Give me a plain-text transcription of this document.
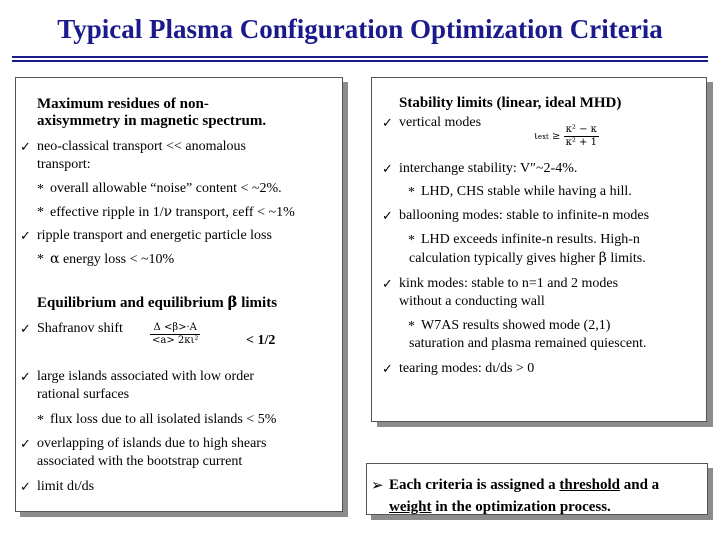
Typical Plasma Configuration Optimization Criteria
Maximum residues of non-
axisymmetry in magnetic spectrum.
✓ neo-classical transport << anomalous
transport:
* overall allowable “noise” content < ~2%.
* effective ripple in 1/ν transport, εeff < ~1%
✓ ripple transport and energetic particle loss
* α energy loss < ~10%
Equilibrium and equilibrium β limits
✓ Shafranov shift	$\frac{\Delta <\beta>\cdot A}{\text{<a> 2κι²}}$	< 1/2
✓ large islands associated with low order
rational surfaces
* flux loss due to all isolated islands < 5%
✓ overlapping of islands due to high shears
associated with the bootstrap current
✓ limit dι/ds
Stability limits (linear, ideal MHD)
✓ vertical modes
$\iota ext \ge \frac{\text{κ² − κ}}{\text{κ² + 1}}$
✓ interchange stability: V″~2-4%.
* LHD, CHS stable while having a hill.
✓ ballooning modes: stable to infinite-n modes
* LHD exceeds infinite-n results. High-n
calculation typically gives higher β limits.
✓ kink modes: stable to n=1 and 2 modes
without a conducting wall
* W7AS results showed mode (2,1)
saturation and plasma remained quiescent.
✓ tearing modes: dι/ds > 0
➢ Each criteria is assigned a threshold and a
weight in the optimization process.
